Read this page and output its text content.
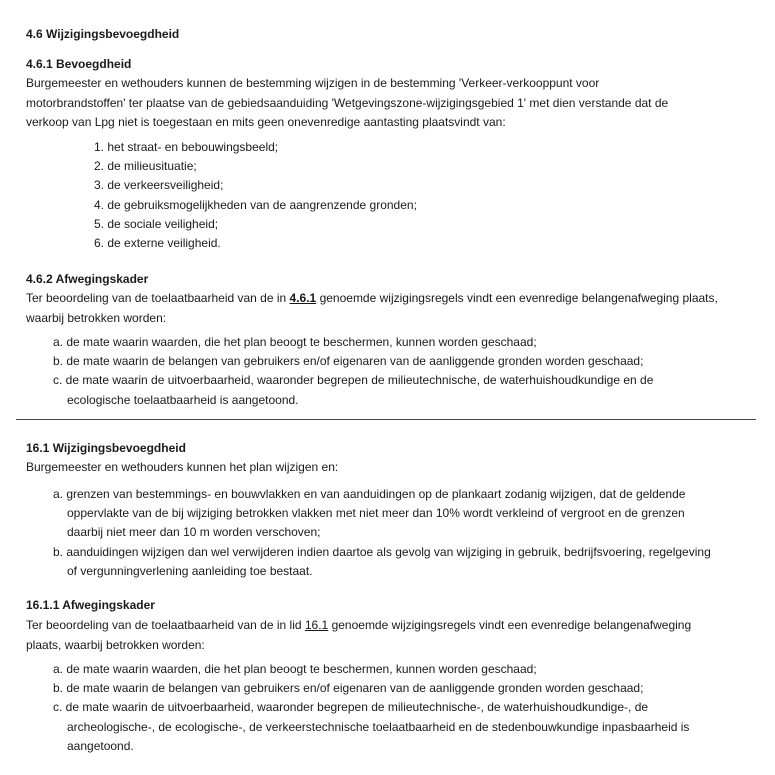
4.6 Wijzigingsbevoegdheid
4.6.1 Bevoegdheid

Burgemeester en wethouders kunnen de bestemming wijzigen in de bestemming 'Verkeer-verkooppunt voor motorbrandstoffen' ter plaatse van de gebiedsaanduiding 'Wetgevingszone-wijzigingsgebied 1' met dien verstande dat de verkoop van Lpg niet is toegestaan en mits geen onevenredige aantasting plaatsvindt van:

1. het straat- en bebouwingsbeeld;
2. de milieusituatie;
3. de verkeersveiligheid;
4. de gebruiksmogelijkheden van de aangrenzende gronden;
5. de sociale veiligheid;
6. de externe veiligheid.
4.6.2 Afwegingskader

Ter beoordeling van de toelaatbaarheid van de in 4.6.1 genoemde wijzigingsregels vindt een evenredige belangenafweging plaats, waarbij betrokken worden:

a. de mate waarin waarden, die het plan beoogt te beschermen, kunnen worden geschaad;
b. de mate waarin de belangen van gebruikers en/of eigenaren van de aanliggende gronden worden geschaad;
c. de mate waarin de uitvoerbaarheid, waaronder begrepen de milieutechnische, de waterhuishoudkundige en de ecologische toelaatbaarheid is aangetoond.
16.1 Wijzigingsbevoegdheid

Burgemeester en wethouders kunnen het plan wijzigen en:

a. grenzen van bestemmings- en bouwvlakken en van aanduidingen op de plankaart zodanig wijzigen, dat de geldende oppervlakte van de bij wijziging betrokken vlakken met niet meer dan 10% wordt verkleind of vergroot en de grenzen daarbij niet meer dan 10 m worden verschoven;
b. aanduidingen wijzigen dan wel verwijderen indien daartoe als gevolg van wijziging in gebruik, bedrijfsvoering, regelgeving of vergunningverlening aanleiding toe bestaat.
16.1.1 Afwegingskader

Ter beoordeling van de toelaatbaarheid van de in lid 16.1 genoemde wijzigingsregels vindt een evenredige belangenafweging plaats, waarbij betrokken worden:

a. de mate waarin waarden, die het plan beoogt te beschermen, kunnen worden geschaad;
b. de mate waarin de belangen van gebruikers en/of eigenaren van de aanliggende gronden worden geschaad;
c. de mate waarin de uitvoerbaarheid, waaronder begrepen de milieutechnische-, de waterhuishoudkundige-, de archeologische-, de ecologische-, de verkeerstechnische toelaatbaarheid en de stedenbouwkundige inpasbaarheid is aangetoond.
